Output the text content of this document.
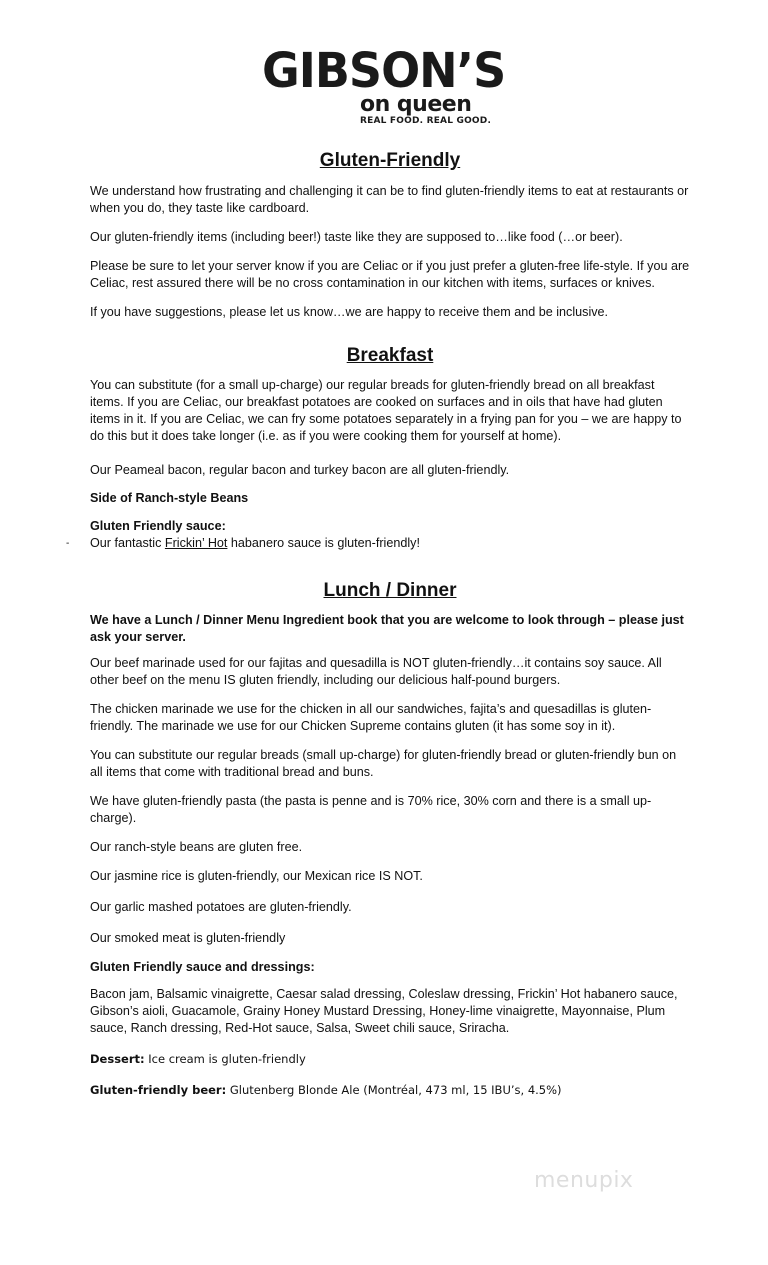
GIBSON’S
on queen
REAL FOOD. REAL GOOD.
Gluten-Friendly

We understand how frustrating and challenging it can be to find gluten-friendly items to eat at restaurants or when you do, they taste like cardboard.

Our gluten-friendly items (including beer!) taste like they are supposed to…like food (…or beer).

Please be sure to let your server know if you are Celiac or if you just prefer a gluten-free life-style. If you are Celiac, rest assured there will be no cross contamination in our kitchen with items, surfaces or knives.

If you have suggestions, please let us know…we are happy to receive them and be inclusive.

Breakfast

You can substitute (for a small up-charge) our regular breads for gluten-friendly bread on all breakfast items. If you are Celiac, our breakfast potatoes are cooked on surfaces and in oils that have had gluten items in it. If you are Celiac, we can fry some potatoes separately in a frying pan for you – we are happy to do this but it does take longer (i.e. as if you were cooking them for yourself at home).

Our Peameal bacon, regular bacon and turkey bacon are all gluten-friendly.

Side of Ranch-style Beans

Gluten Friendly sauce:

- Our fantastic Frickin’ Hot habanero sauce is gluten-friendly!

Lunch / Dinner

We have a Lunch / Dinner Menu Ingredient book that you are welcome to look through – please just ask your server.

Our beef marinade used for our fajitas and quesadilla is NOT gluten-friendly…it contains soy sauce. All other beef on the menu IS gluten friendly, including our delicious half-pound burgers.

The chicken marinade we use for the chicken in all our sandwiches, fajita’s and quesadillas is gluten-friendly. The marinade we use for our Chicken Supreme contains gluten (it has some soy in it).

You can substitute our regular breads (small up-charge) for gluten-friendly bread or gluten-friendly bun on all items that come with traditional bread and buns.

We have gluten-friendly pasta (the pasta is penne and is 70% rice, 30% corn and there is a small up-charge).

Our ranch-style beans are gluten free.

Our jasmine rice is gluten-friendly, our Mexican rice IS NOT.

Our garlic mashed potatoes are gluten-friendly.

Our smoked meat is gluten-friendly

Gluten Friendly sauce and dressings:

Bacon jam, Balsamic vinaigrette, Caesar salad dressing, Coleslaw dressing, Frickin’ Hot habanero sauce, Gibson’s aioli, Guacamole, Grainy Honey Mustard Dressing, Honey-lime vinaigrette, Mayonnaise, Plum sauce, Ranch dressing, Red-Hot sauce, Salsa, Sweet chili sauce, Sriracha.

Dessert: Ice cream is gluten-friendly

Gluten-friendly beer: Glutenberg Blonde Ale (Montréal, 473 ml, 15 IBU’s, 4.5%)

menupix
